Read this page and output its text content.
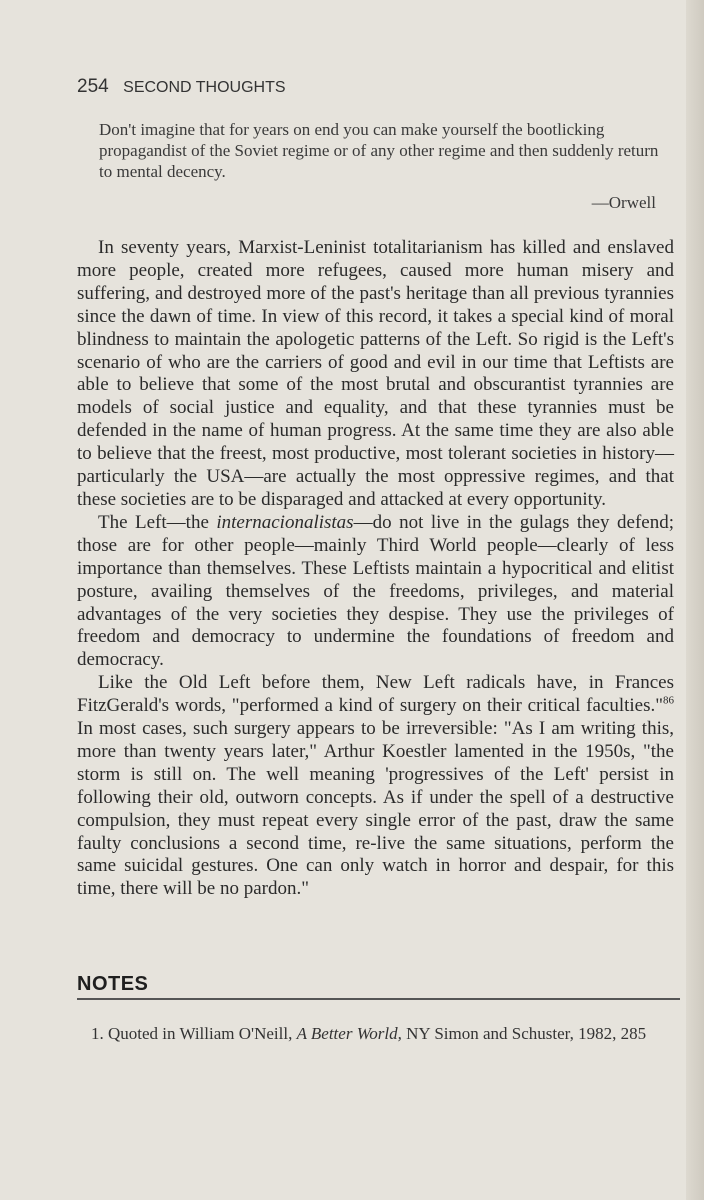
254 SECOND THOUGHTS

Don't imagine that for years on end you can make yourself the bootlicking propagandist of the Soviet regime or of any other regime and then suddenly return to mental decency.

—Orwell

In seventy years, Marxist-Leninist totalitarianism has killed and enslaved more people, created more refugees, caused more human misery and suffering, and destroyed more of the past's heritage than all previous tyrannies since the dawn of time. In view of this record, it takes a special kind of moral blindness to maintain the apologetic patterns of the Left. So rigid is the Left's scenario of who are the carriers of good and evil in our time that Leftists are able to believe that some of the most brutal and obscurantist tyrannies are models of social justice and equality, and that these tyrannies must be defended in the name of human progress. At the same time they are also able to believe that the freest, most productive, most tolerant societies in history—particularly the USA—are actually the most oppressive regimes, and that these societies are to be disparaged and attacked at every opportunity.

The Left—the internacionalistas—do not live in the gulags they defend; those are for other people—mainly Third World people—clearly of less importance than themselves. These Leftists maintain a hypocritical and elitist posture, availing themselves of the freedoms, privileges, and material advantages of the very societies they despise. They use the privileges of freedom and democracy to undermine the foundations of freedom and democracy.

Like the Old Left before them, New Left radicals have, in Frances FitzGerald's words, "performed a kind of surgery on their critical faculties."$^{86}$ In most cases, such surgery appears to be irreversible: "As I am writing this, more than twenty years later," Arthur Koestler lamented in the 1950s, "the storm is still on. The well meaning 'progressives of the Left' persist in following their old, outworn concepts. As if under the spell of a destructive compulsion, they must repeat every single error of the past, draw the same faulty conclusions a second time, re-live the same situations, perform the same suicidal gestures. One can only watch in horror and despair, for this time, there will be no pardon."

NOTES
1. Quoted in William O'Neill, A Better World, NY Simon and Schuster, 1982, 285
